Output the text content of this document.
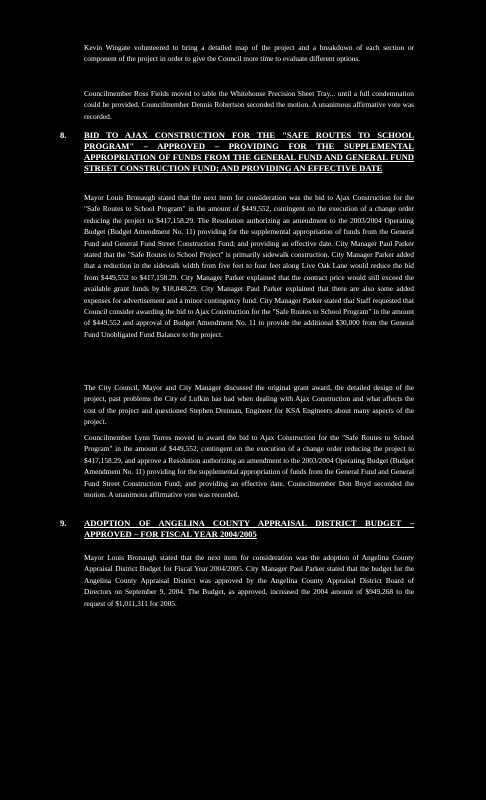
Kevin Wingate volunteered to bring a detailed map of the project and a breakdown of each section or component of the project in order to give the Council more time to evaluate different options.

Councilmember Ross Fields moved to table the Whitehouse Precision Sheet Tray... until a full condemnation could be provided. Councilmember Dennis Robertson seconded the motion. A unanimous affirmative vote was recorded.

8. BID TO AJAX CONSTRUCTION FOR THE "SAFE ROUTES TO SCHOOL PROGRAM" – APPROVED – PROVIDING FOR THE SUPPLEMENTAL APPROPRIATION OF FUNDS FROM THE GENERAL FUND AND GENERAL FUND STREET CONSTRUCTION FUND; AND PROVIDING AN EFFECTIVE DATE

Mayor Louis Bronaugh stated that the next item for consideration was the bid to Ajax Construction for the "Safe Routes to School Program" in the amount of $449,552, contingent on the execution of a change order reducing the project to $417,158.29. The Resolution authorizing an amendment to the 2003/2004 Operating Budget (Budget Amendment No. 11) providing for the supplemental appropriation of funds from the General Fund and General Fund Street Construction Fund; and providing an effective date. City Manager Paul Parker stated that the "Safe Routes to School Project" is primarily sidewalk construction. City Manager Parker added that a reduction in the sidewalk width from five feet to four feet along Live Oak Lane would reduce the bid from $449,552 to $417,158.29. City Manager Parker explained that the contract price would still exceed the available grant funds by $18,048.29. City Manager Paul Parker explained that there are also some added expenses for advertisement and a minor contingency fund. City Manager Parker stated that Staff requested that Council consider awarding the bid to Ajax Construction for the "Safe Routes to School Program" in the amount of $449,552 and approval of Budget Amendment No. 11 to provide the additional $30,000 from the General Fund Unobligated Fund Balance to the project.

The City Council, Mayor and City Manager discussed the original grant award, the detailed design of the project, past problems the City of Lufkin has had when dealing with Ajax Construction and what affects the cost of the project and questioned Stephen Drennan, Engineer for KSA Engineers about many aspects of the project.

Councilmember Lynn Torres moved to award the bid to Ajax Construction for the "Safe Routes to School Program" in the amount of $449,552, contingent on the execution of a change order reducing the project to $417,158.29, and approve a Resolution authorizing an amendment to the 2003/2004 Operating Budget (Budget Amendment No. 11) providing for the supplemental appropriation of funds from the General Fund and General Fund Street Construction Fund; and providing an effective date. Councilmember Don Boyd seconded the motion. A unanimous affirmative vote was recorded.

9. ADOPTION OF ANGELINA COUNTY APPRAISAL DISTRICT BUDGET – APPROVED – FOR FISCAL YEAR 2004/2005

Mayor Louis Bronaugh stated that the next item for consideration was the adoption of Angelina County Appraisal District Budget for Fiscal Year 2004/2005. City Manager Paul Parker stated that the budget for the Angelina County Appraisal District was approved by the Angelina County Appraisal District Board of Directors on September 9, 2004. The Budget, as approved, increased the 2004 amount of $949,268 to the request of $1,011,311 for 2005.
